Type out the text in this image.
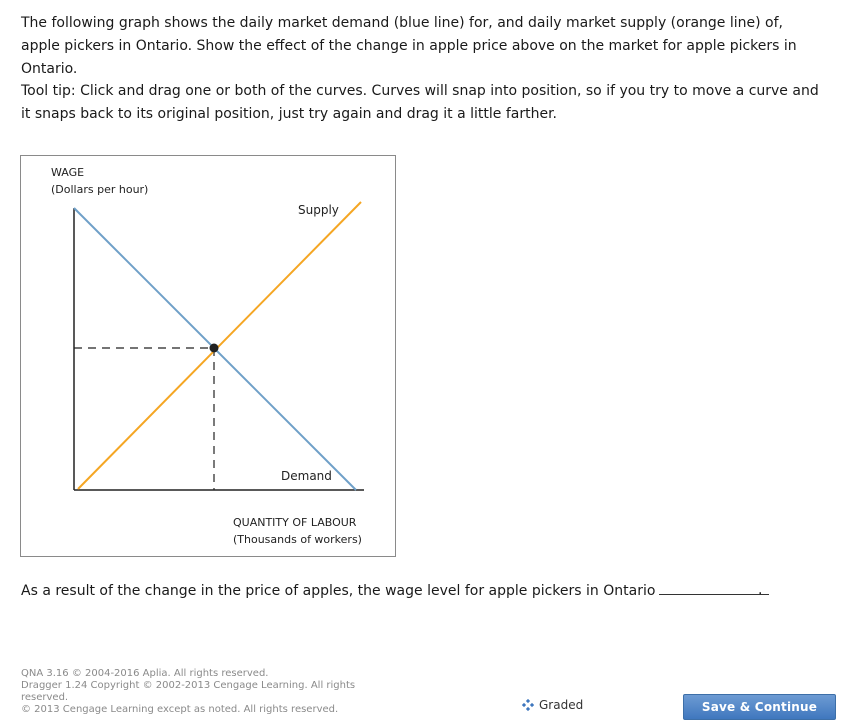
The following graph shows the daily market demand (blue line) for, and daily market supply (orange line) of, apple pickers in Ontario. Show the effect of the change in apple price above on the market for apple pickers in Ontario.

Tool tip: Click and drag one or both of the curves. Curves will snap into position, so if you try to move a curve and it snaps back to its original position, just try again and drag it a little farther.

WAGE
(Dollars per hour)
Supply
Demand
QUANTITY OF LABOUR
(Thousands of workers)
As a result of the change in the price of apples, the wage level for apple pickers in Ontario	.
QNA 3.16 © 2004-2016 Aplia. All rights reserved.
Dragger 1.24 Copyright © 2002-2013 Cengage Learning. All rights reserved.
© 2013 Cengage Learning except as noted. All rights reserved.	Graded	Save & Continue
